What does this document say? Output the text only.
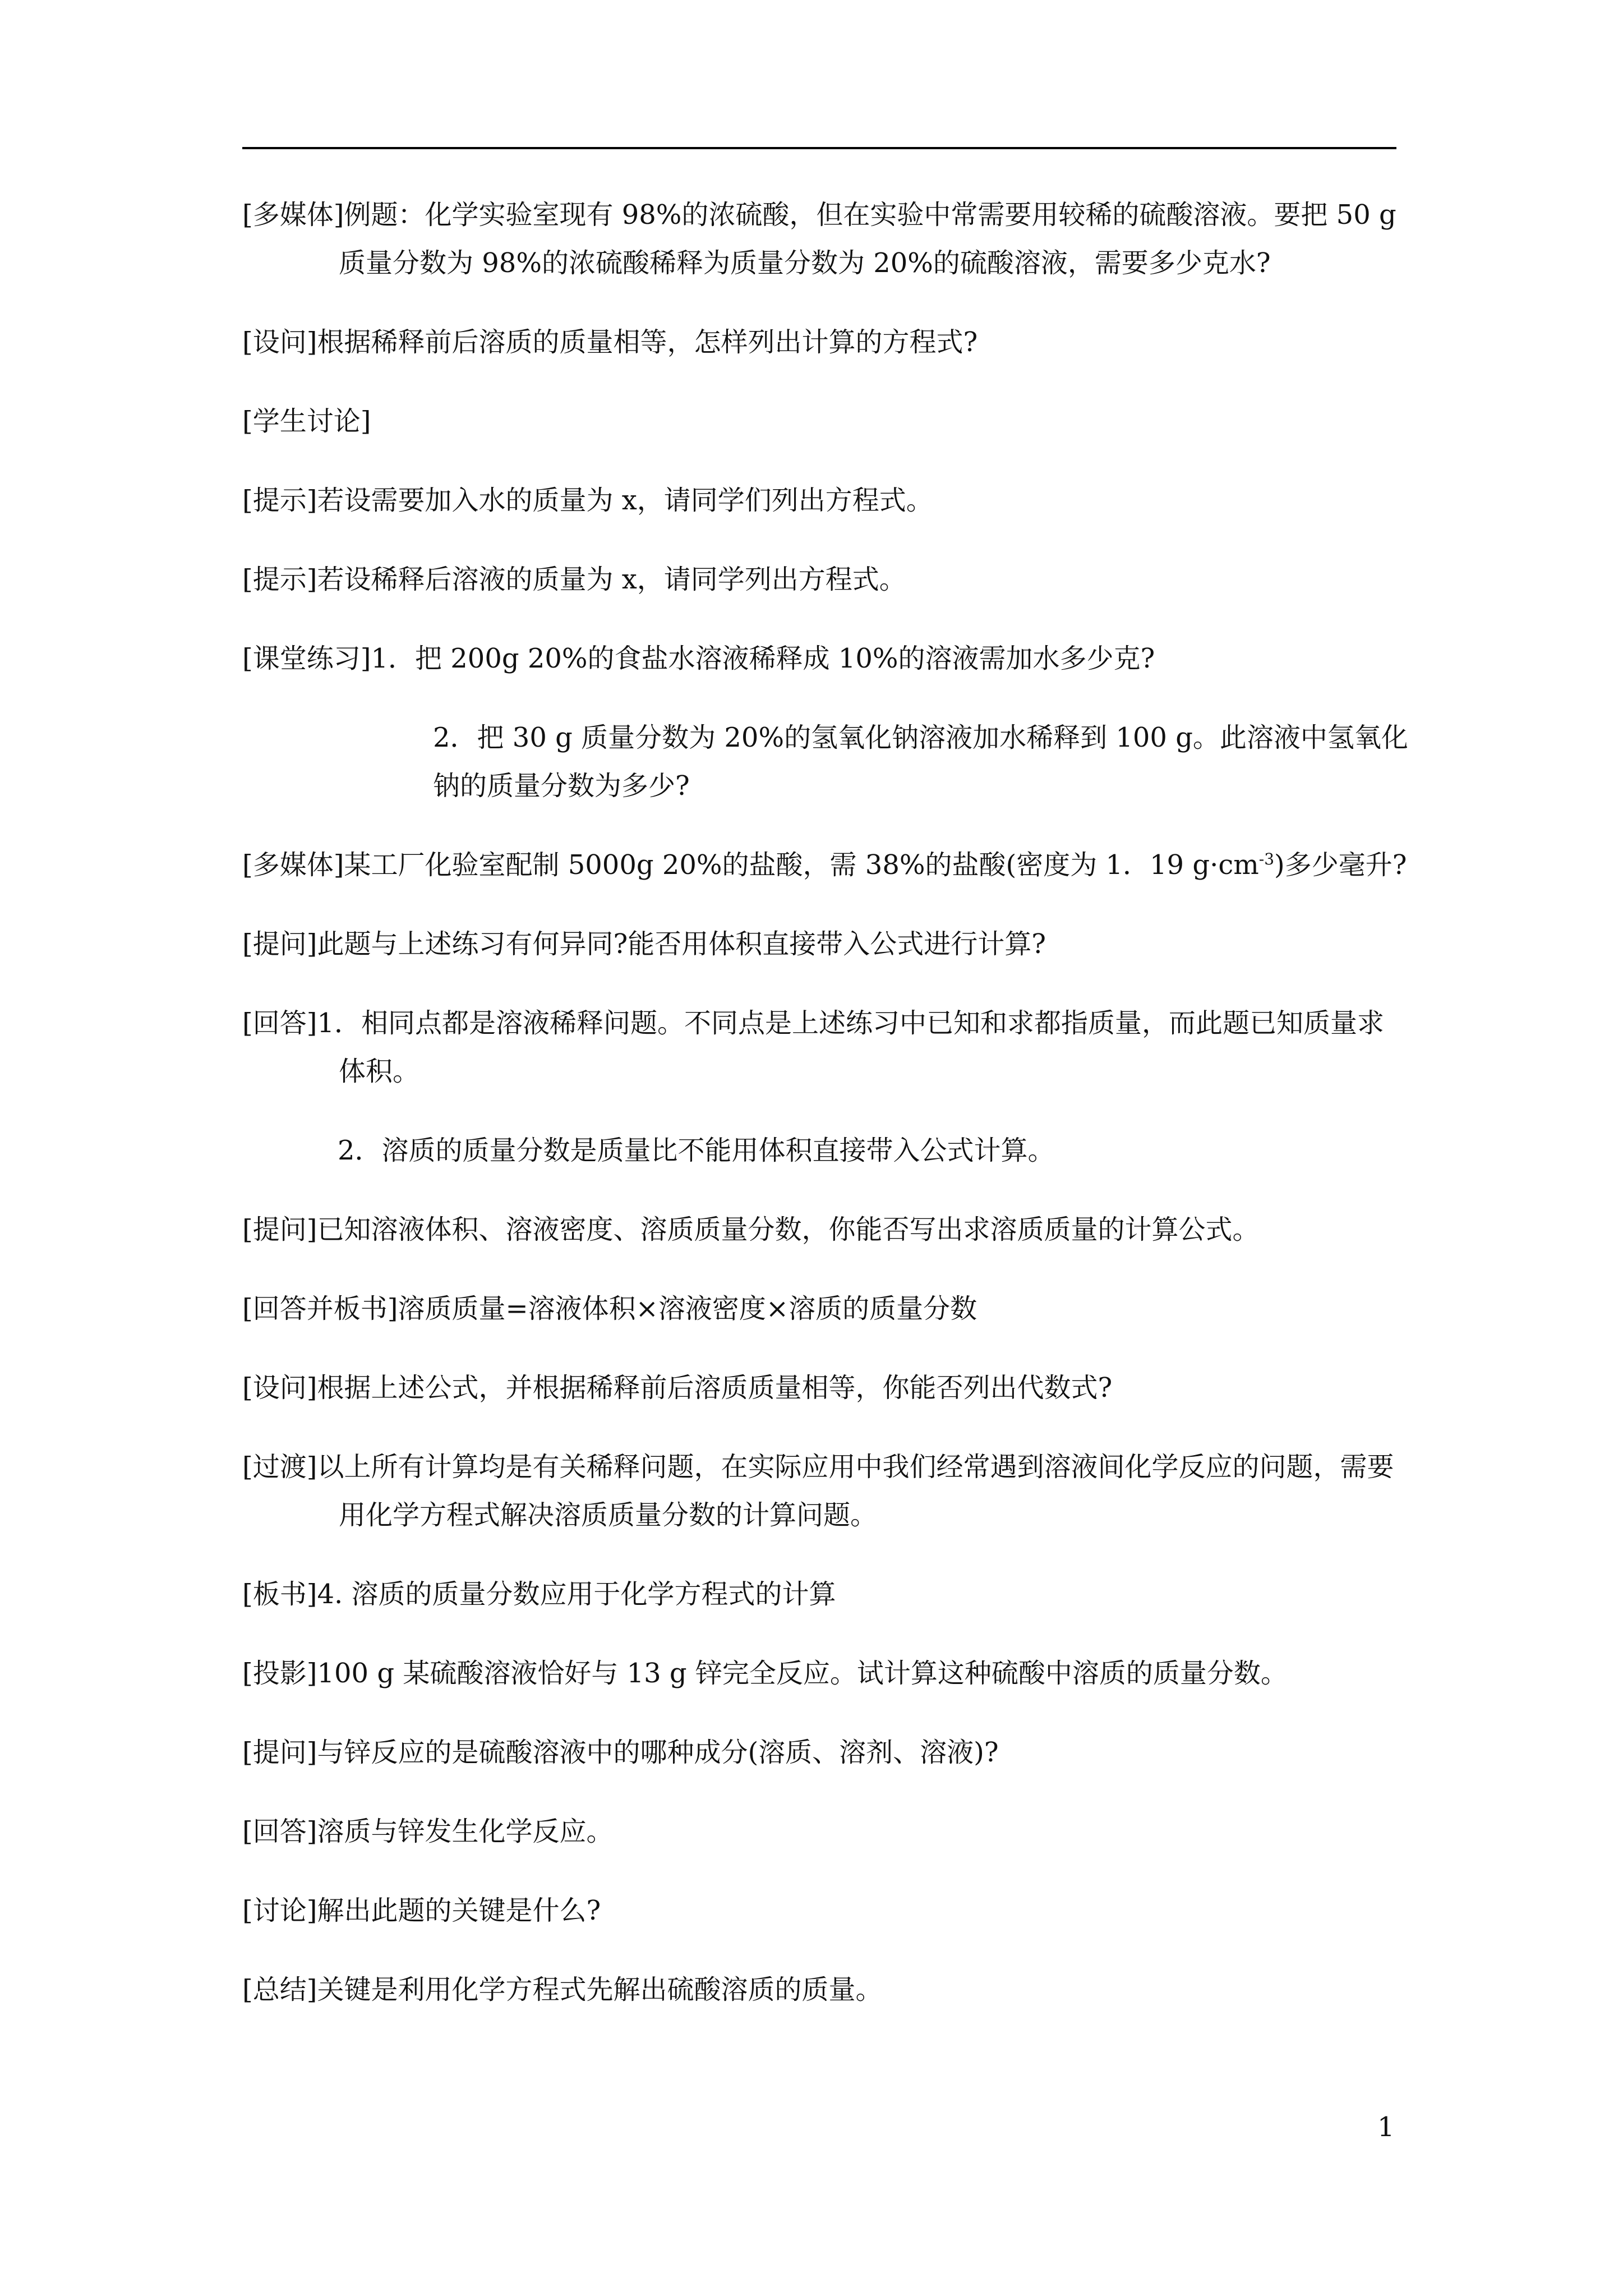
[多媒体]例题：化学实验室现有 98%的浓硫酸，但在实验中常需要用较稀的硫酸溶液。要把 50 g 质量分数为 98%的浓硫酸稀释为质量分数为 20%的硫酸溶液，需要多少克水?

[设问]根据稀释前后溶质的质量相等，怎样列出计算的方程式?

[学生讨论]

[提示]若设需要加入水的质量为 x，请同学们列出方程式。

[提示]若设稀释后溶液的质量为 x，请同学列出方程式。

[课堂练习]1．把 200g 20%的食盐水溶液稀释成 10%的溶液需加水多少克?

2．把 30 g 质量分数为 20%的氢氧化钠溶液加水稀释到 100 g。此溶液中氢氧化钠的质量分数为多少?

[多媒体]某工厂化验室配制 5000g 20%的盐酸，需 38%的盐酸(密度为 1．19 $g\cdot cm^{-3}$)多少毫升?

[提问]此题与上述练习有何异同?能否用体积直接带入公式进行计算?

[回答]1．相同点都是溶液稀释问题。不同点是上述练习中已知和求都指质量，而此题已知质量求体积。

2．溶质的质量分数是质量比不能用体积直接带入公式计算。

[提问]已知溶液体积、溶液密度、溶质质量分数，你能否写出求溶质质量的计算公式。

[回答并板书]溶质质量=溶液体积×溶液密度×溶质的质量分数

[设问]根据上述公式，并根据稀释前后溶质质量相等，你能否列出代数式?

[过渡]以上所有计算均是有关稀释问题，在实际应用中我们经常遇到溶液间化学反应的问题，需要用化学方程式解决溶质质量分数的计算问题。

[板书]4. 溶质的质量分数应用于化学方程式的计算

[投影]100 g 某硫酸溶液恰好与 13 g 锌完全反应。试计算这种硫酸中溶质的质量分数。

[提问]与锌反应的是硫酸溶液中的哪种成分(溶质、溶剂、溶液)?

[回答]溶质与锌发生化学反应。

[讨论]解出此题的关键是什么?

[总结]关键是利用化学方程式先解出硫酸溶质的质量。

1
